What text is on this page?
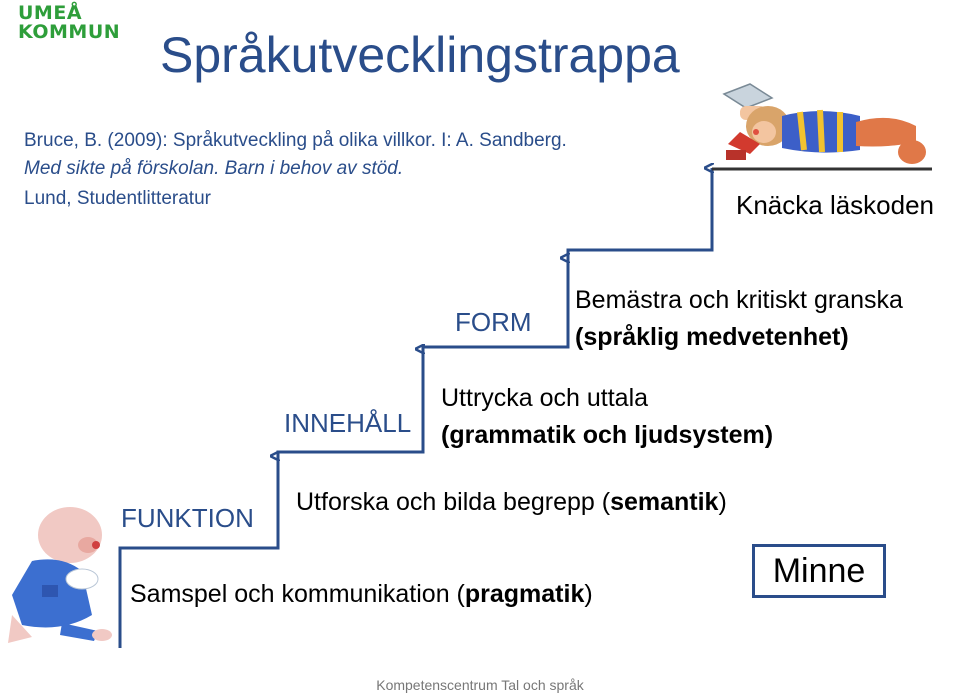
UMEÅ
KOMMUN Språkutvecklingstrappa
Bruce, B. (2009): Språkutveckling på olika villkor. I: A. Sandberg.
Med sikte på förskolan. Barn i behov av stöd.
Lund, Studentlitteratur
FUNKTION
INNEHÅLL
FORM
Knäcka läskoden
Samspel och kommunikation (pragmatik)
Utforska och bilda begrepp (semantik)
Uttrycka och uttala
(grammatik och ljudsystem)
Bemästra och kritiskt granska
(språklig medvetenhet)
Minne
Kompetenscentrum Tal och språk
